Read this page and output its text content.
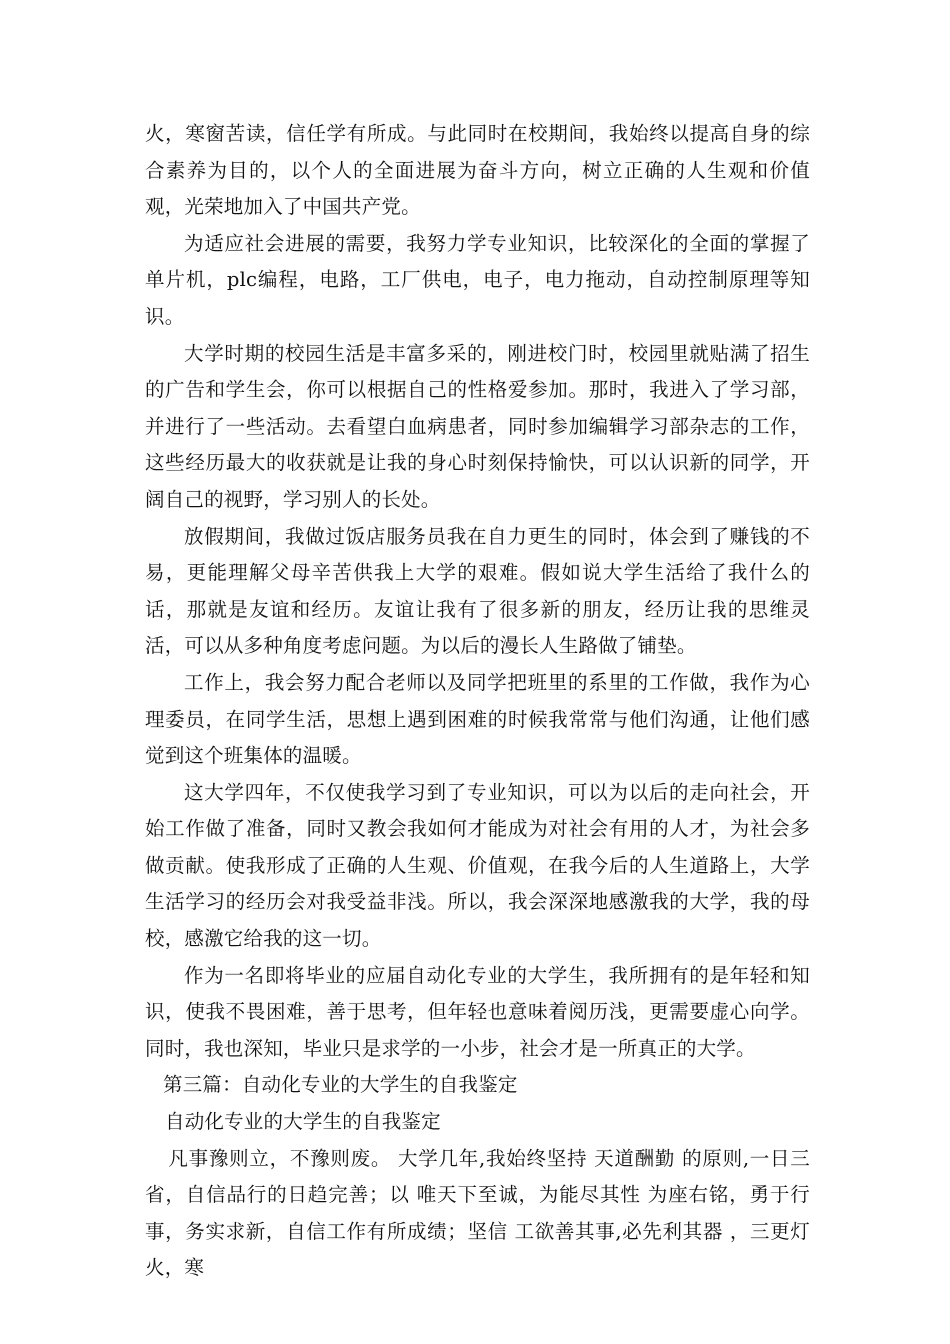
火，寒窗苦读，信任学有所成。与此同时在校期间，我始终以提高自身的综合素养为目的，以个人的全面进展为奋斗方向，树立正确的人生观和价值观，光荣地加入了中国共产党。

为适应社会进展的需要，我努力学专业知识，比较深化的全面的掌握了单片机，plc编程，电路，工厂供电，电子，电力拖动，自动控制原理等知识。

大学时期的校园生活是丰富多采的，刚进校门时，校园里就贴满了招生的广告和学生会，你可以根据自己的性格爱参加。那时，我进入了学习部，并进行了一些活动。去看望白血病患者，同时参加编辑学习部杂志的工作，这些经历最大的收获就是让我的身心时刻保持愉快，可以认识新的同学，开阔自己的视野，学习别人的长处。

放假期间，我做过饭店服务员我在自力更生的同时，体会到了赚钱的不易，更能理解父母辛苦供我上大学的艰难。假如说大学生活给了我什么的话，那就是友谊和经历。友谊让我有了很多新的朋友，经历让我的思维灵活，可以从多种角度考虑问题。为以后的漫长人生路做了铺垫。

工作上，我会努力配合老师以及同学把班里的系里的工作做，我作为心理委员，在同学生活，思想上遇到困难的时候我常常与他们沟通，让他们感觉到这个班集体的温暖。

这大学四年，不仅使我学习到了专业知识，可以为以后的走向社会，开始工作做了准备，同时又教会我如何才能成为对社会有用的人才，为社会多做贡献。使我形成了正确的人生观、价值观，在我今后的人生道路上，大学生活学习的经历会对我受益非浅。所以，我会深深地感激我的大学，我的母校，感激它给我的这一切。

作为一名即将毕业的应届自动化专业的大学生，我所拥有的是年轻和知识，使我不畏困难，善于思考，但年轻也意味着阅历浅，更需要虚心向学。同时，我也深知，毕业只是求学的一小步，社会才是一所真正的大学。

第三篇：自动化专业的大学生的自我鉴定

自动化专业的大学生的自我鉴定

凡事豫则立，不豫则废。 大学几年,我始终坚持 天道酬勤 的原则,一日三省，自信品行的日趋完善；以 唯天下至诚，为能尽其性 为座右铭，勇于行事，务实求新，自信工作有所成绩；坚信 工欲善其事,必先利其器 ，三更灯火，寒
